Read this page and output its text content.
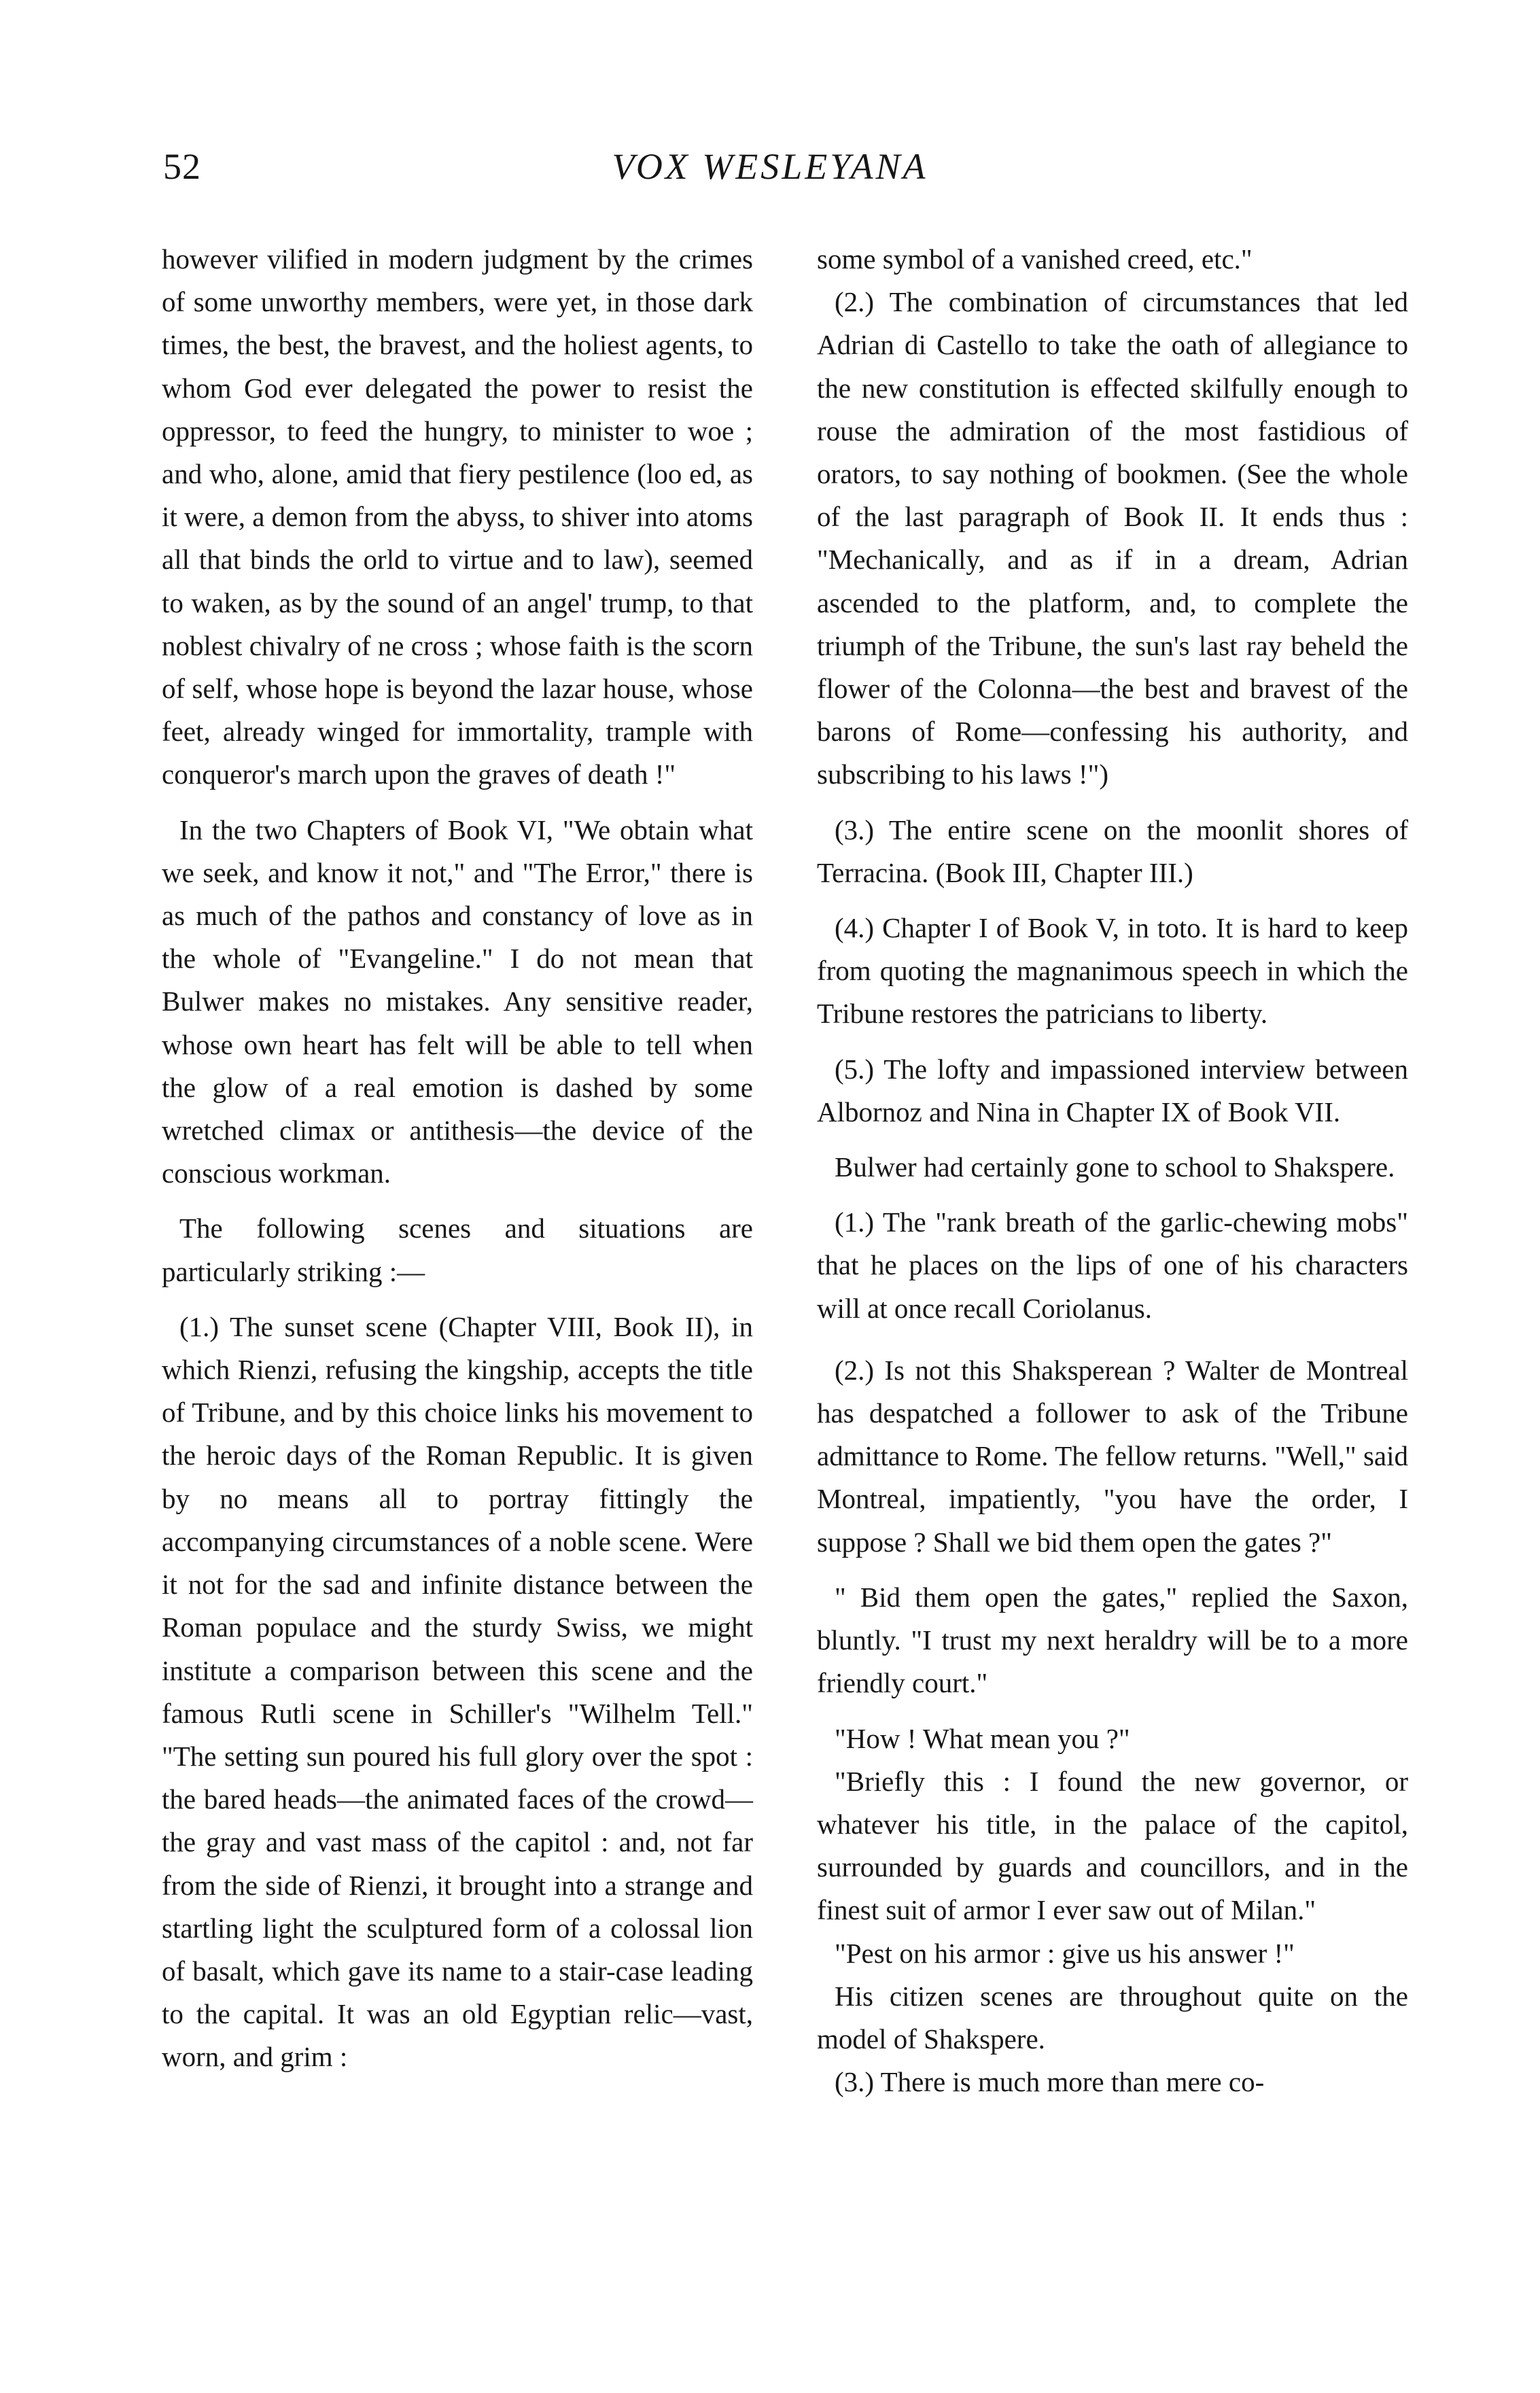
52	VOX WESLEYANA

however vilified in modern judgment by the crimes of some unworthy members, were yet, in those dark times, the best, the bravest, and the holiest agents, to whom God ever delegated the power to resist the oppressor, to feed the hungry, to minister to woe ; and who, alone, amid that fiery pestilence (loo ed, as it were, a demon from the abyss, to shiver into atoms all that binds the orld to virtue and to law), seemed to waken, as by the sound of an angel' trump, to that noblest chivalry of ne cross ; whose faith is the scorn of self, whose hope is beyond the lazar house, whose feet, already winged for immortality, trample with conqueror's march upon the graves of death !"

In the two Chapters of Book VI, "We obtain what we seek, and know it not," and "The Error," there is as much of the pathos and constancy of love as in the whole of "Evangeline." I do not mean that Bulwer makes no mistakes. Any sensitive reader, whose own heart has felt will be able to tell when the glow of a real emotion is dashed by some wretched climax or antithesis—the device of the conscious workman.

The following scenes and situations are particularly striking :—

(1.) The sunset scene (Chapter VIII, Book II), in which Rienzi, refusing the kingship, accepts the title of Tribune, and by this choice links his movement to the heroic days of the Roman Republic. It is given by no means all to portray fittingly the accompanying circumstances of a noble scene. Were it not for the sad and infinite distance between the Roman populace and the sturdy Swiss, we might institute a comparison between this scene and the famous Rutli scene in Schiller's "Wilhelm Tell." "The setting sun poured his full glory over the spot : the bared heads—the animated faces of the crowd—the gray and vast mass of the capitol : and, not far from the side of Rienzi, it brought into a strange and startling light the sculptured form of a colossal lion of basalt, which gave its name to a stair-case leading to the capital. It was an old Egyptian relic—vast, worn, and grim :

some symbol of a vanished creed, etc."

(2.) The combination of circumstances that led Adrian di Castello to take the oath of allegiance to the new constitution is effected skilfully enough to rouse the admiration of the most fastidious of orators, to say nothing of bookmen. (See the whole of the last paragraph of Book II. It ends thus : "Mechanically, and as if in a dream, Adrian ascended to the platform, and, to complete the triumph of the Tribune, the sun's last ray beheld the flower of the Colonna—the best and bravest of the barons of Rome—confessing his authority, and subscribing to his laws !")

(3.) The entire scene on the moonlit shores of Terracina. (Book III, Chapter III.)

(4.) Chapter I of Book V, in toto. It is hard to keep from quoting the magnanimous speech in which the Tribune restores the patricians to liberty.

(5.) The lofty and impassioned interview between Albornoz and Nina in Chapter IX of Book VII.

Bulwer had certainly gone to school to Shakspere.

(1.) The "rank breath of the garlic-chewing mobs" that he places on the lips of one of his characters will at once recall Coriolanus.

(2.) Is not this Shaksperean ? Walter de Montreal has despatched a follower to ask of the Tribune admittance to Rome. The fellow returns. "Well," said Montreal, impatiently, "you have the order, I suppose ? Shall we bid them open the gates ?"

" Bid them open the gates," replied the Saxon, bluntly. "I trust my next heraldry will be to a more friendly court."

"How ! What mean you ?"

"Briefly this : I found the new governor, or whatever his title, in the palace of the capitol, surrounded by guards and councillors, and in the finest suit of armor I ever saw out of Milan."

"Pest on his armor : give us his answer !"

His citizen scenes are throughout quite on the model of Shakspere.

(3.) There is much more than mere co-
